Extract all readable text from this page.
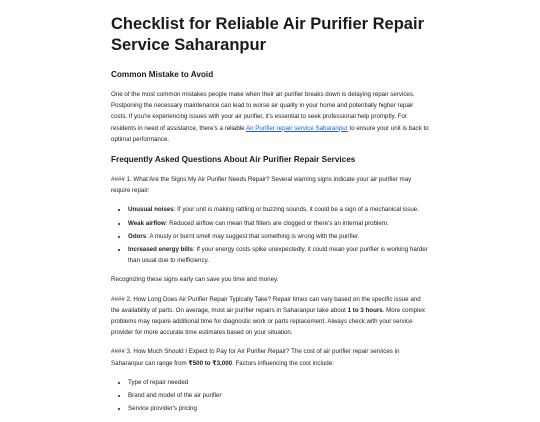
Checklist for Reliable Air Purifier Repair Service Saharanpur
Common Mistake to Avoid

One of the most common mistakes people make when their air purifier breaks down is delaying repair services. Postponing the necessary maintenance can lead to worse air quality in your home and potentially higher repair costs. If you're experiencing issues with your air purifier, it's essential to seek professional help promptly. For residents in need of assistance, there's a reliable Air Purifier repair service Saharanpur to ensure your unit is back to optimal performance.

Frequently Asked Questions About Air Purifier Repair Services

#### 1. What Are the Signs My Air Purifier Needs Repair? Several warning signs indicate your air purifier may require repair:

• Unusual noises: If your unit is making rattling or buzzing sounds, it could be a sign of a mechanical issue.
• Weak airflow: Reduced airflow can mean that filters are clogged or there's an internal problem.
• Odors: A musty or burnt smell may suggest that something is wrong with the purifier.
• Increased energy bills: If your energy costs spike unexpectedly, it could mean your purifier is working harder than usual due to inefficiency.

Recognizing these signs early can save you time and money.

#### 2. How Long Does Air Purifier Repair Typically Take? Repair times can vary based on the specific issue and the availability of parts. On average, most air purifier repairs in Saharanpur take about 1 to 3 hours. More complex problems may require additional time for diagnostic work or parts replacement. Always check with your service provider for more accurate time estimates based on your situation.

#### 3. How Much Should I Expect to Pay for Air Purifier Repair? The cost of air purifier repair services in Saharanpur can range from ₹500 to ₹3,000. Factors influencing the cost include:

• Type of repair needed
• Brand and model of the air purifier
• Service provider's pricing
